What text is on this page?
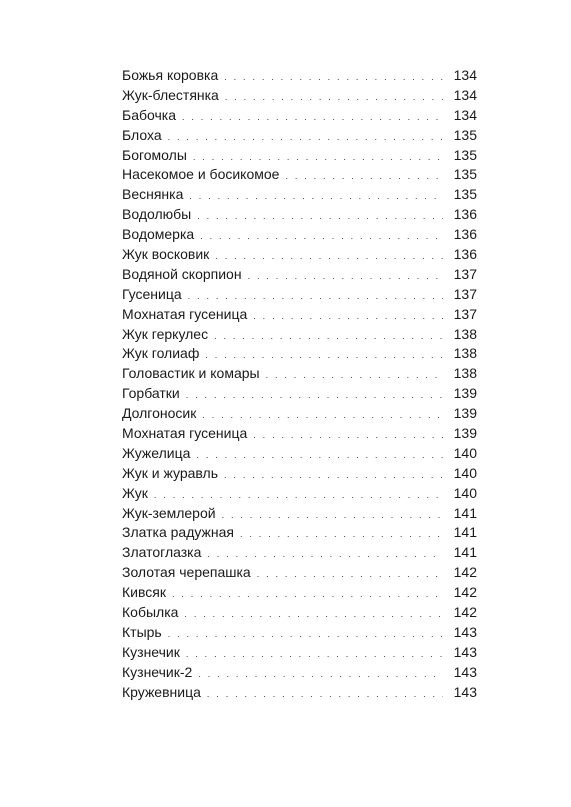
Божья коровка . . .	134
Жук-блестянка . . .	134
Бабочка . . .	134
Блоха . . .	135
Богомолы . . .	135
Насекомое и босикомое . . .	135
Веснянка . . .	135
Водолюбы . . .	136
Водомерка . . .	136
Жук восковик . . .	136
Водяной скорпион . . .	137
Гусеница . . .	137
Мохнатая гусеница . . .	137
Жук геркулес . . .	138
Жук голиаф . . .	138
Головастик и комары . . .	138
Горбатки . . .	139
Долгоносик . . .	139
Мохнатая гусеница . . .	139
Жужелица . . .	140
Жук и журавль . . .	140
Жук . . .	140
Жук-землерой . . .	141
Златка радужная . . .	141
Златоглазка . . .	141
Золотая черепашка . . .	142
Кивсяк . . .	142
Кобылка . . .	142
Ктырь . . .	143
Кузнечик . . .	143
Кузнечик-2 . . .	143
Кружевница . . .	143
